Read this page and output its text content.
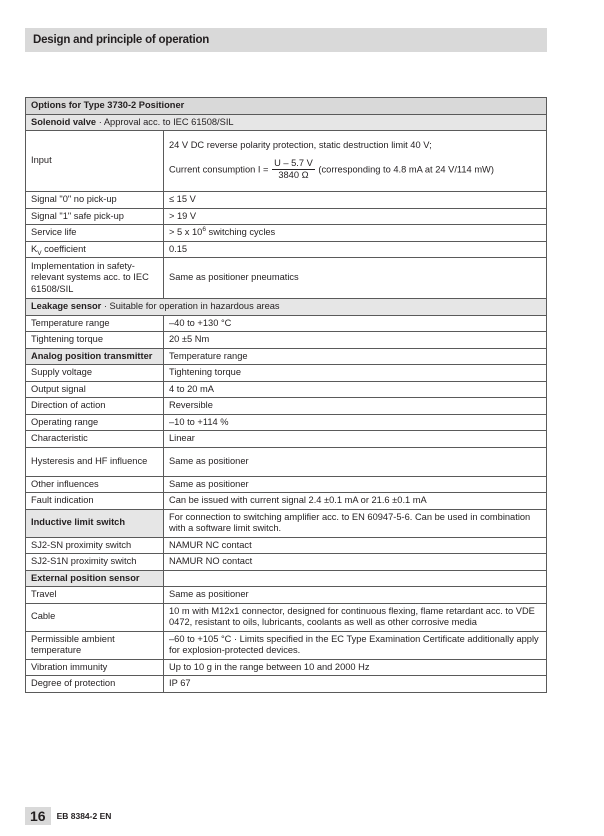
Design and principle of operation
Options for Type 3730-2 Positioner	
Solenoid valve · Approval acc. to IEC 61508/SIL	
Input	24 V DC reverse polarity protection, static destruction limit 40 V;
Current consumption $I = \frac{U - 5.7 V}{3840 \Omega}$ (corresponding to 4.8 mA at 24 V/114 mW)

Signal "0" no pick-up	≤ 15 V
Signal "1" safe pick-up	> 19 V
Service life	> 5 x $10^6$ switching cycles
$K_V$ coefficient	0.15
Implementation in safety-relevant systems acc. to IEC 61508/SIL	Same as positioner pneumatics
Leakage sensor · Suitable for operation in hazardous areas	
Temperature range	–40 to +130 °C
Tightening torque	20 ±5 Nm
Analog position transmitter	Temperature range
Supply voltage	Tightening torque
Output signal	4 to 20 mA
Direction of action	Reversible
Operating range	–10 to +114 %
Characteristic	Linear
Hysteresis and HF influence	Same as positioner
Other influences	Same as positioner
Fault indication	Can be issued with current signal 2.4 ±0.1 mA or 21.6 ±0.1 mA
Inductive limit switch	For connection to switching amplifier acc. to EN 60947-5-6. Can be used in combination with a software limit switch.
SJ2-SN proximity switch	NAMUR NC contact
SJ2-S1N proximity switch	NAMUR NO contact
External position sensor	
Travel	Same as positioner
Cable	10 m with M12x1 connector, designed for continuous flexing, flame retardant acc. to VDE 0472, resistant to oils, lubricants, coolants as well as other corrosive media
Permissible ambient temperature	–60 to +105 °C · Limits specified in the EC Type Examination Certificate additionally apply for explosion-protected devices.
Vibration immunity	Up to 10 g in the range between 10 and 2000 Hz
Degree of protection	IP 67
16	EB 8384-2 EN
